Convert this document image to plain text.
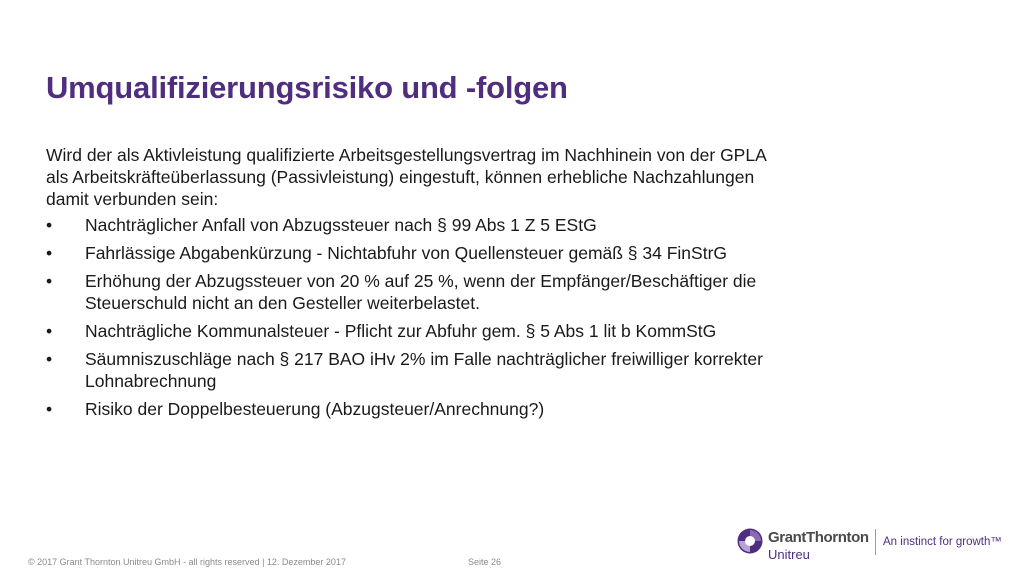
Umqualifizierungsrisiko und -folgen

Wird der als Aktivleistung qualifizierte Arbeitsgestellungsvertrag im Nachhinein von der GPLA
als Arbeitskräfteüberlassung (Passivleistung) eingestuft, können erhebliche Nachzahlungen
damit verbunden sein:

• Nachträglicher Anfall von Abzugssteuer nach § 99 Abs 1 Z 5 EStG
• Fahrlässige Abgabenkürzung - Nichtabfuhr von Quellensteuer gemäß § 34 FinStrG
• Erhöhung der Abzugssteuer von 20 % auf 25 %, wenn der Empfänger/Beschäftiger die
Steuerschuld nicht an den Gesteller weiterbelastet.
• Nachträgliche Kommunalsteuer - Pflicht zur Abfuhr gem. § 5 Abs 1 lit b KommStG
• Säumniszuschläge nach § 217 BAO iHv 2% im Falle nachträglicher freiwilliger korrekter
Lohnabrechnung
• Risiko der Doppelbesteuerung (Abzugsteuer/Anrechnung?)
© 2017 Grant Thornton Unitreu GmbH - all rights reserved | 12. Dezember 2017	Seite 26
GrantThornton
Unitreu
An instinct for growth™
